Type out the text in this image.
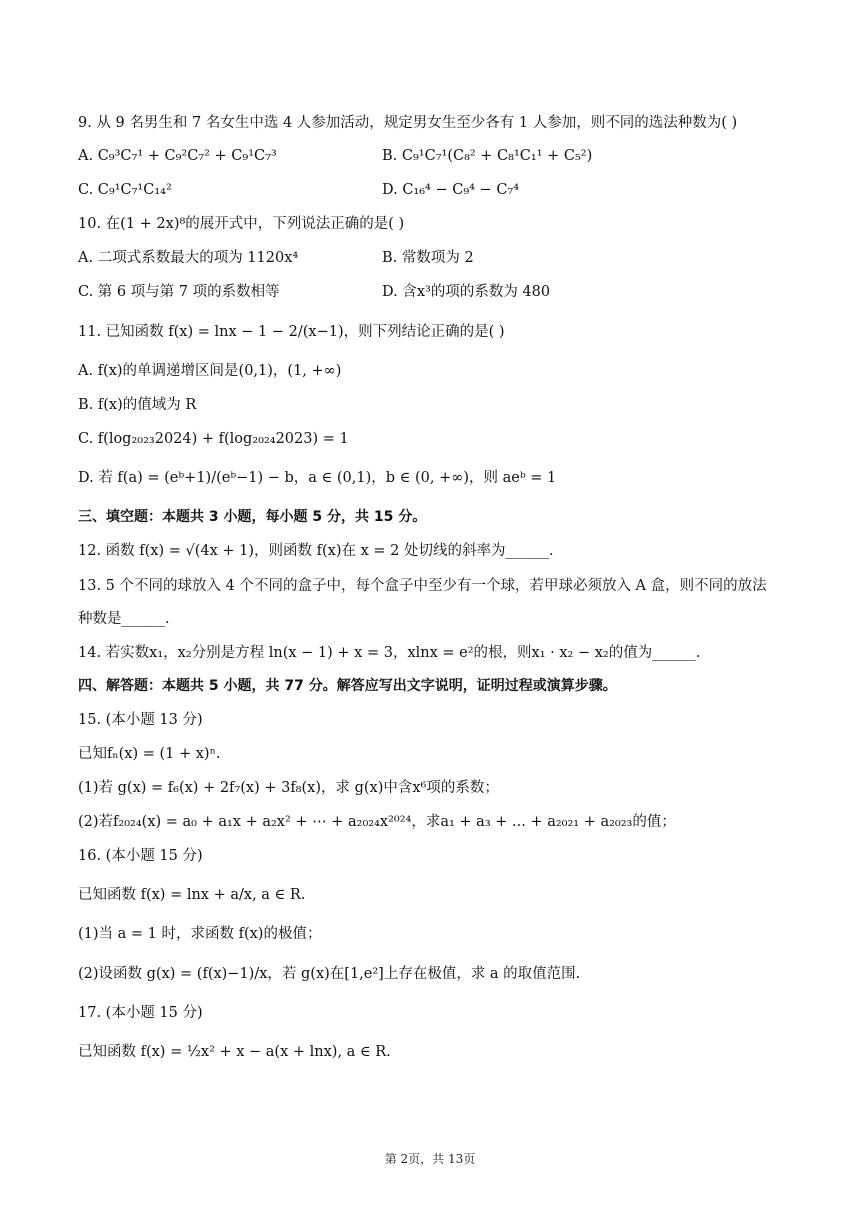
9. 从 9 名男生和 7 名女生中选 4 人参加活动，规定男女生至少各有 1 人参加，则不同的选法种数为( )
A. C₉³C₇¹ + C₉²C₇² + C₉¹C₇³	B. C₉¹C₇¹(C₈² + C₈¹C₁¹ + C₅²)
C. C₉¹C₇¹C₁₄²	D. C₁₆⁴ − C₉⁴ − C₇⁴
10. 在(1 + 2x)⁸的展开式中，下列说法正确的是( )
A. 二项式系数最大的项为 1120x⁴	B. 常数项为 2
C. 第 6 项与第 7 项的系数相等	D. 含x³的项的系数为 480
11. 已知函数 f(x) = lnx − 1 − 2/(x−1)，则下列结论正确的是( )
A. f(x)的单调递增区间是(0,1)，(1, +∞)
B. f(x)的值域为 R
C. f(log₂₀₂₃2024) + f(log₂₀₂₄2023) = 1
D. 若 f(a) = (eᵇ+1)/(eᵇ−1) − b，a ∈ (0,1)，b ∈ (0, +∞)，则 aeᵇ = 1
三、填空题：本题共 3 小题，每小题 5 分，共 15 分。
12. 函数 f(x) = √(4x + 1)，则函数 f(x)在 x = 2 处切线的斜率为______.
13. 5 个不同的球放入 4 个不同的盒子中，每个盒子中至少有一个球，若甲球必须放入 A 盒，则不同的放法
种数是______.
14. 若实数x₁，x₂分别是方程 ln(x − 1) + x = 3，xlnx = e²的根，则x₁ · x₂ − x₂的值为______.
四、解答题：本题共 5 小题，共 77 分。解答应写出文字说明，证明过程或演算步骤。
15. (本小题 13 分)
已知fₙ(x) = (1 + x)ⁿ.
(1)若 g(x) = f₆(x) + 2f₇(x) + 3f₈(x)，求 g(x)中含x⁶项的系数；
(2)若f₂₀₂₄(x) = a₀ + a₁x + a₂x² + ⋯ + a₂₀₂₄x²⁰²⁴，求a₁ + a₃ + ... + a₂₀₂₁ + a₂₀₂₃的值；
16. (本小题 15 分)
已知函数 f(x) = lnx + a/x, a ∈ R.
(1)当 a = 1 时，求函数 f(x)的极值；
(2)设函数 g(x) = (f(x)−1)/x，若 g(x)在[1,e²]上存在极值，求 a 的取值范围.
17. (本小题 15 分)
已知函数 f(x) = ½x² + x − a(x + lnx), a ∈ R.
第 2页，共 13页
